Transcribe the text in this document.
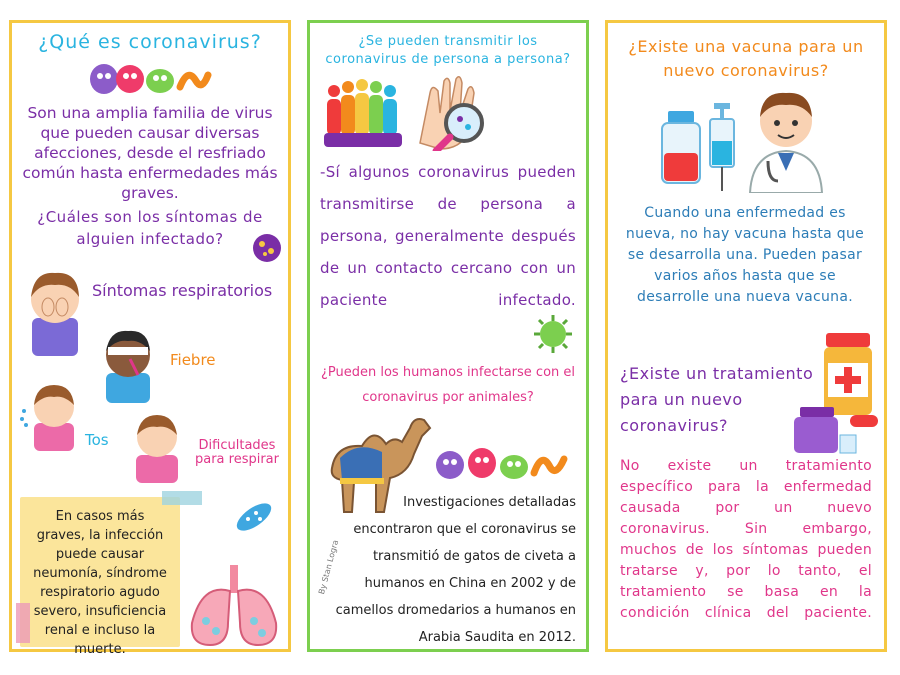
¿Qué es coronavirus?

Son una amplia familia de virus que pueden causar diversas afecciones, desde el resfriado común hasta enfermedades más graves.

¿Cuáles son los síntomas de alguien infectado?

Síntomas respiratorios

Fiebre

Tos	Dificultades para respirar

En casos más graves, la infección puede causar neumonía, síndrome respiratorio agudo severo, insuficiencia renal e incluso la muerte.

¿Se pueden transmitir los coronavirus de persona a persona?

-Sí algunos coronavirus pueden transmitirse de persona a persona, generalmente después de un contacto cercano con un paciente infectado.

¿Pueden los humanos infectarse con el coronavirus por animales?

Investigaciones detalladas encontraron que el coronavirus se transmitió de gatos de civeta a humanos en China en 2002 y de camellos dromedarios a humanos en Arabia Saudita en 2012.

By Stan Logra

¿Existe una vacuna para un nuevo coronavirus?

Cuando una enfermedad es nueva, no hay vacuna hasta que se desarrolla una. Pueden pasar varios años hasta que se desarrolle una nueva vacuna.

¿Existe un tratamiento para un nuevo coronavirus?

No existe un tratamiento específico para la enfermedad causada por un nuevo coronavirus. Sin embargo, muchos de los síntomas pueden tratarse y, por lo tanto, el tratamiento se basa en la condición clínica del paciente.
